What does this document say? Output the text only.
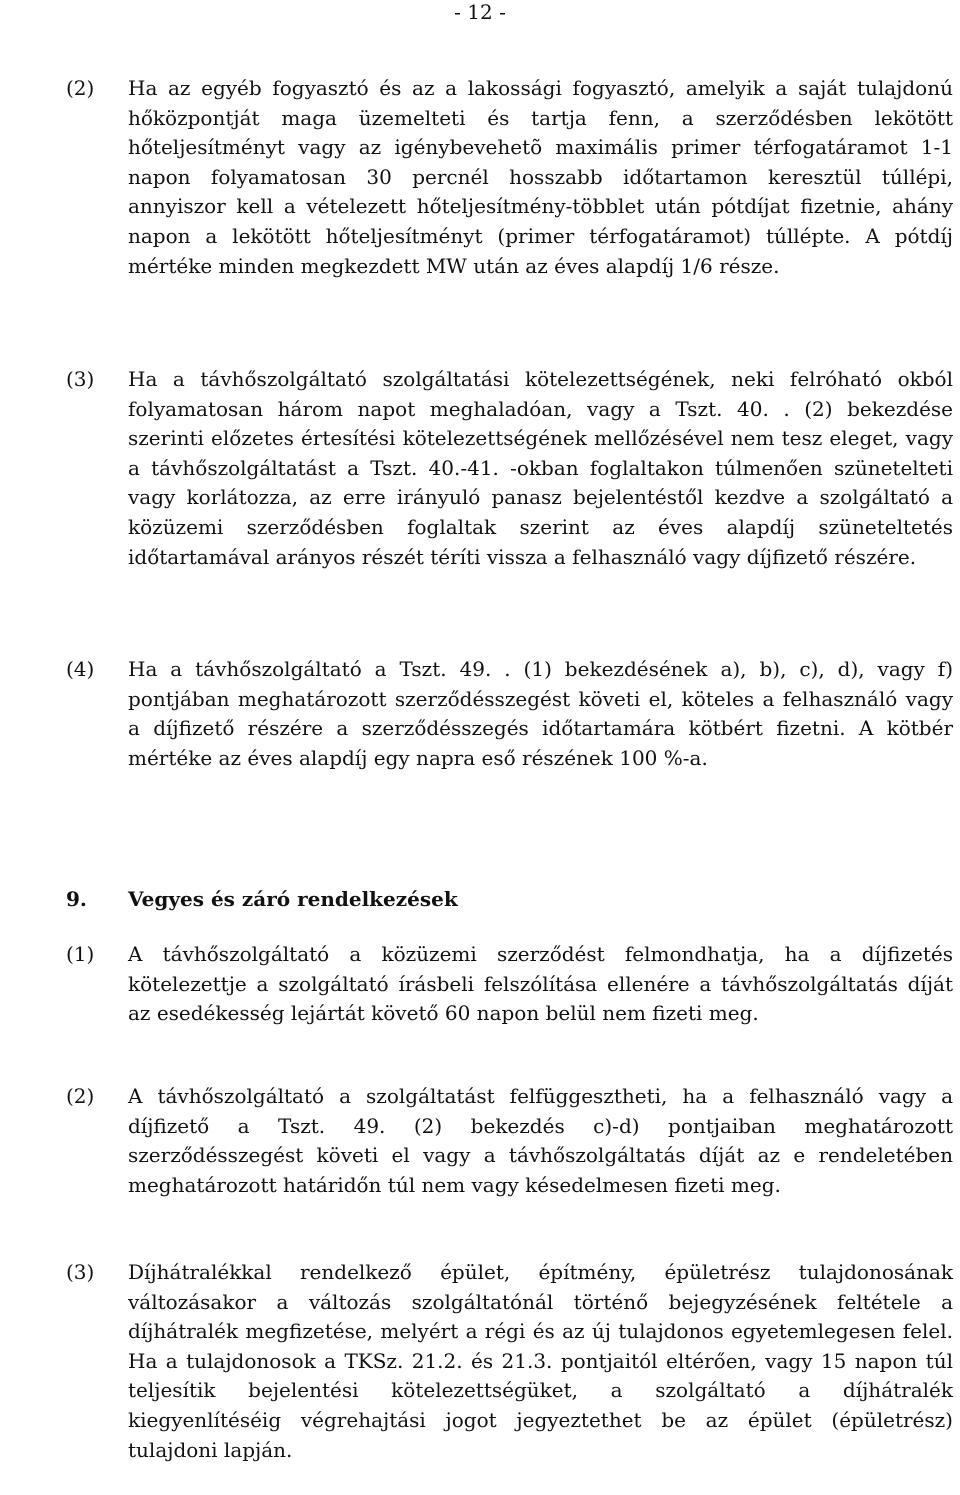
- 12 -
(2)	Ha az egyéb fogyasztó és az a lakossági fogyasztó, amelyik a saját tulajdonú hőközpontját maga üzemelteti és tartja fenn, a szerződésben lekötött hőteljesítményt vagy az igénybevehetõ maximális primer térfogatáramot 1-1 napon folyamatosan 30 percnél hosszabb időtartamon keresztül túllépi, annyiszor kell a vételezett hőteljesítmény-többlet után pótdíjat fizetnie, ahány napon a lekötött hőteljesítményt (primer térfogatáramot) túllépte. A pótdíj mértéke minden megkezdett MW után az éves alapdíj 1/6 része.
(3)	Ha a távhőszolgáltató szolgáltatási kötelezettségének, neki felróható okból folyamatosan három napot meghaladóan, vagy a Tszt. 40. . (2) bekezdése szerinti előzetes értesítési kötelezettségének mellőzésével nem tesz eleget, vagy a távhőszolgáltatást a Tszt. 40.-41. -okban foglaltakon túlmenően szünetelteti vagy korlátozza, az erre irányuló panasz bejelentéstől kezdve a szolgáltató a közüzemi szerződésben foglaltak szerint az éves alapdíj szüneteltetés időtartamával arányos részét téríti vissza a felhasználó vagy díjfizető részére.
(4)	Ha a távhőszolgáltató a Tszt. 49. . (1) bekezdésének a), b), c), d), vagy f) pontjában meghatározott szerződésszegést követi el, köteles a felhasználó vagy a díjfizető részére a szerződésszegés időtartamára kötbért fizetni. A kötbér mértéke az éves alapdíj egy napra eső részének 100 %-a.
9.	Vegyes és záró rendelkezések
(1)	A távhőszolgáltató a közüzemi szerződést felmondhatja, ha a díjfizetés kötelezettje a szolgáltató írásbeli felszólítása ellenére a távhőszolgáltatás díját az esedékesség lejártát követő 60 napon belül nem fizeti meg.
(2)	A távhőszolgáltató a szolgáltatást felfüggesztheti, ha a felhasználó vagy a díjfizető a Tszt. 49. (2) bekezdés c)-d) pontjaiban meghatározott szerződésszegést követi el vagy a távhőszolgáltatás díját az e rendeletében meghatározott határidőn túl nem vagy késedelmesen fizeti meg.
(3)	Díjhátralékkal rendelkező épület, építmény, épületrész tulajdonosának változásakor a változás szolgáltatónál történő bejegyzésének feltétele a díjhátralék megfizetése, melyért a régi és az új tulajdonos egyetemlegesen felel. Ha a tulajdonosok a TKSz. 21.2. és 21.3. pontjaitól eltérően, vagy 15 napon túl teljesítik bejelentési kötelezettségüket, a szolgáltató a díjhátralék kiegyenlítéséig végrehajtási jogot jegyeztethet be az épület (épületrész) tulajdoni lapján.
